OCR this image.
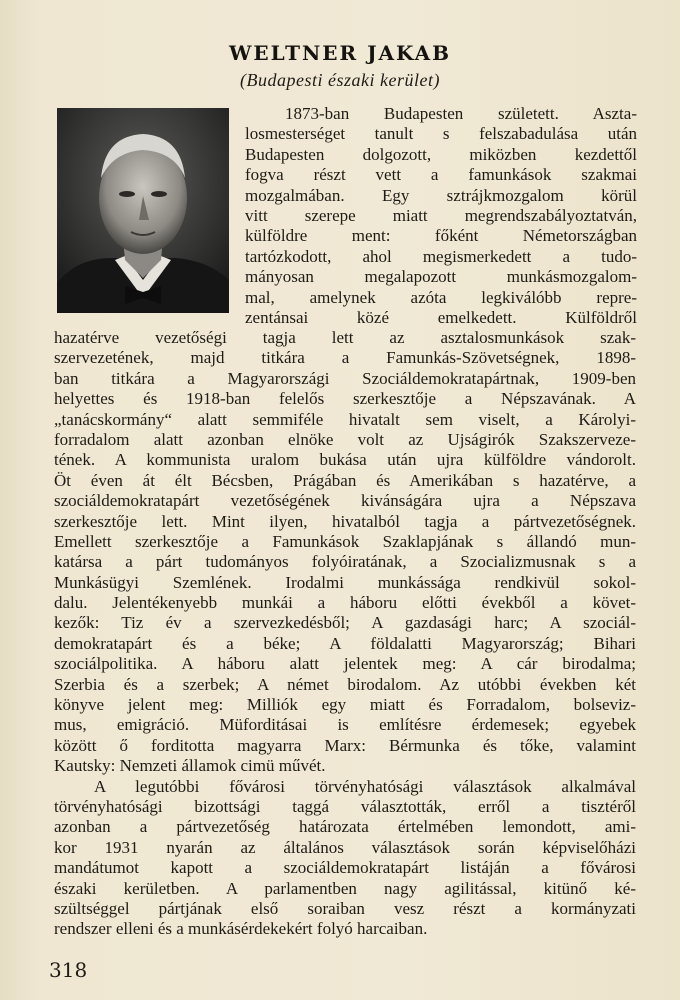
WELTNER JAKAB
(Budapesti északi kerület)
1873-ban Budapesten született. Aszta-
losmesterséget tanult s felszabadulása után
Budapesten dolgozott, miközben kezdettől
fogva részt vett a famunkások szakmai
mozgalmában. Egy sztrájkmozgalom körül
vitt szerepe miatt megrendszabályoztatván,
külföldre ment: főként Németországban
tartózkodott, ahol megismerkedett a tudo-
mányosan megalapozott munkásmozgalom-
mal, amelynek azóta legkiválóbb repre-
zentánsai közé emelkedett. Külföldről
hazatérve vezetőségi tagja lett az asztalosmunkások szak-
szervezetének, majd titkára a Famunkás-Szövetségnek, 1898-
ban titkára a Magyarországi Szociáldemokratapártnak, 1909-ben
helyettes és 1918-ban felelős szerkesztője a Népszavának. A
„tanácskormány“ alatt semmiféle hivatalt sem viselt, a Károlyi-
forradalom alatt azonban elnöke volt az Ujságirók Szakszerveze-
tének. A kommunista uralom bukása után ujra külföldre vándorolt.
Öt éven át élt Bécsben, Prágában és Amerikában s hazatérve, a
szociáldemokratapárt vezetőségének kivánságára ujra a Népszava
szerkesztője lett. Mint ilyen, hivatalból tagja a pártvezetőségnek.
Emellett szerkesztője a Famunkások Szaklapjának s állandó mun-
katársa a párt tudományos folyóiratának, a Szocializmusnak s a
Munkásügyi Szemlének. Irodalmi munkássága rendkivül sokol-
dalu. Jelentékenyebb munkái a háboru előtti évekből a követ-
kezők: Tiz év a szervezkedésből; A gazdasági harc; A szociál-
demokratapárt és a béke; A földalatti Magyarország; Bihari
szociálpolitika. A háboru alatt jelentek meg: A cár birodalma;
Szerbia és a szerbek; A német birodalom. Az utóbbi években két
könyve jelent meg: Milliók egy miatt és Forradalom, bolseviz-
mus, emigráció. Müforditásai is említésre érdemesek; egyebek
között ő forditotta magyarra Marx: Bérmunka és tőke, valamint
Kautsky: Nemzeti államok cimü művét.
A legutóbbi fővárosi törvényhatósági választások alkalmával
törvényhatósági bizottsági taggá választották, erről a tisztéről
azonban a pártvezetőség határozata értelmében lemondott, ami-
kor 1931 nyarán az általános választások során képviselőházi
mandátumot kapott a szociáldemokratapárt listáján a fővárosi
északi kerületben. A parlamentben nagy agilitással, kitünő ké-
szültséggel pártjának első soraiban vesz részt a kormányzati
rendszer elleni és a munkásérdekekért folyó harcaiban.
318
